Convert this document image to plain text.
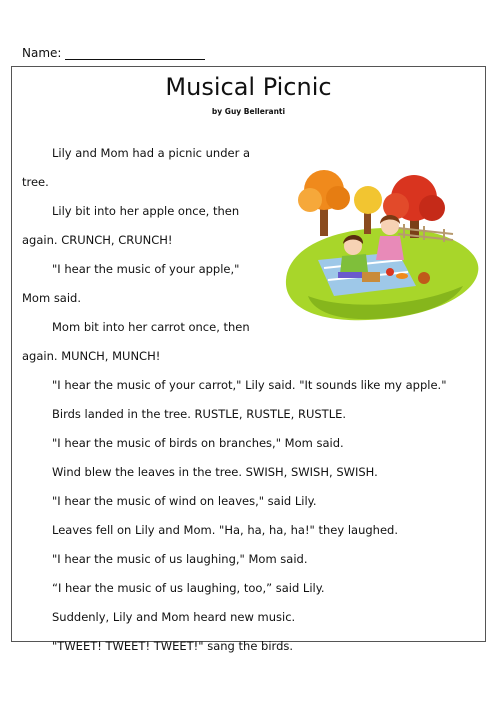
Name:
Musical Picnic
by Guy Belleranti

Lily and Mom had a picnic under a tree.

Lily bit into her apple once, then again. CRUNCH, CRUNCH!

"I hear the music of your apple," Mom said.

Mom bit into her carrot once, then again. MUNCH, MUNCH!

"I hear the music of your carrot," Lily said. "It sounds like my apple."

Birds landed in the tree. RUSTLE, RUSTLE, RUSTLE.

"I hear the music of birds on branches," Mom said.

Wind blew the leaves in the tree. SWISH, SWISH, SWISH.

"I hear the music of wind on leaves," said Lily.

Leaves fell on Lily and Mom. "Ha, ha, ha, ha!" they laughed.

"I hear the music of us laughing," Mom said.

“I hear the music of us laughing, too,” said Lily.

Suddenly, Lily and Mom heard new music.

"TWEET! TWEET! TWEET!" sang the birds.
